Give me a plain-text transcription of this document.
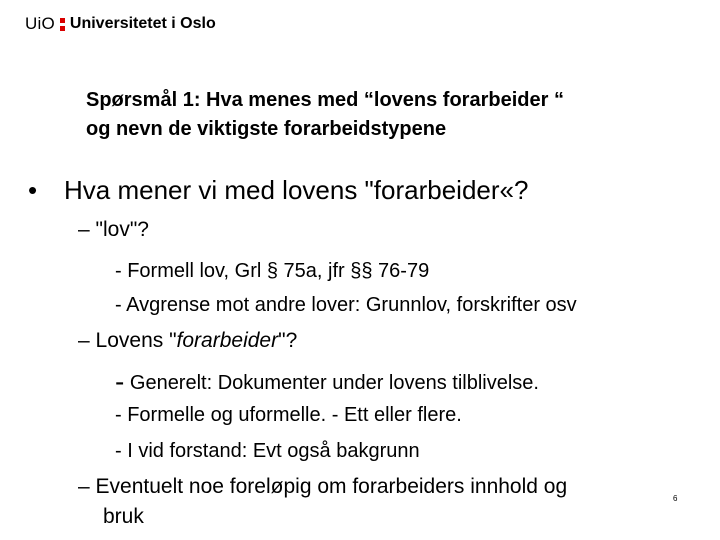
UiO Universitetet i Oslo
Spørsmål 1: Hva menes med “lovens forarbeider “
og nevn de viktigste forarbeidstypene

• Hva mener vi med lovens "forarbeider«?

– "lov"?

- Formell lov, Grl § 75a, jfr §§ 76-79

- Avgrense mot andre lover: Grunnlov, forskrifter osv

– Lovens "forarbeider"?

- Generelt: Dokumenter under lovens tilblivelse.

- Formelle og uformelle. - Ett eller flere.

- I vid forstand: Evt også bakgrunn

– Eventuelt noe foreløpig om forarbeiders innhold og

bruk

6
